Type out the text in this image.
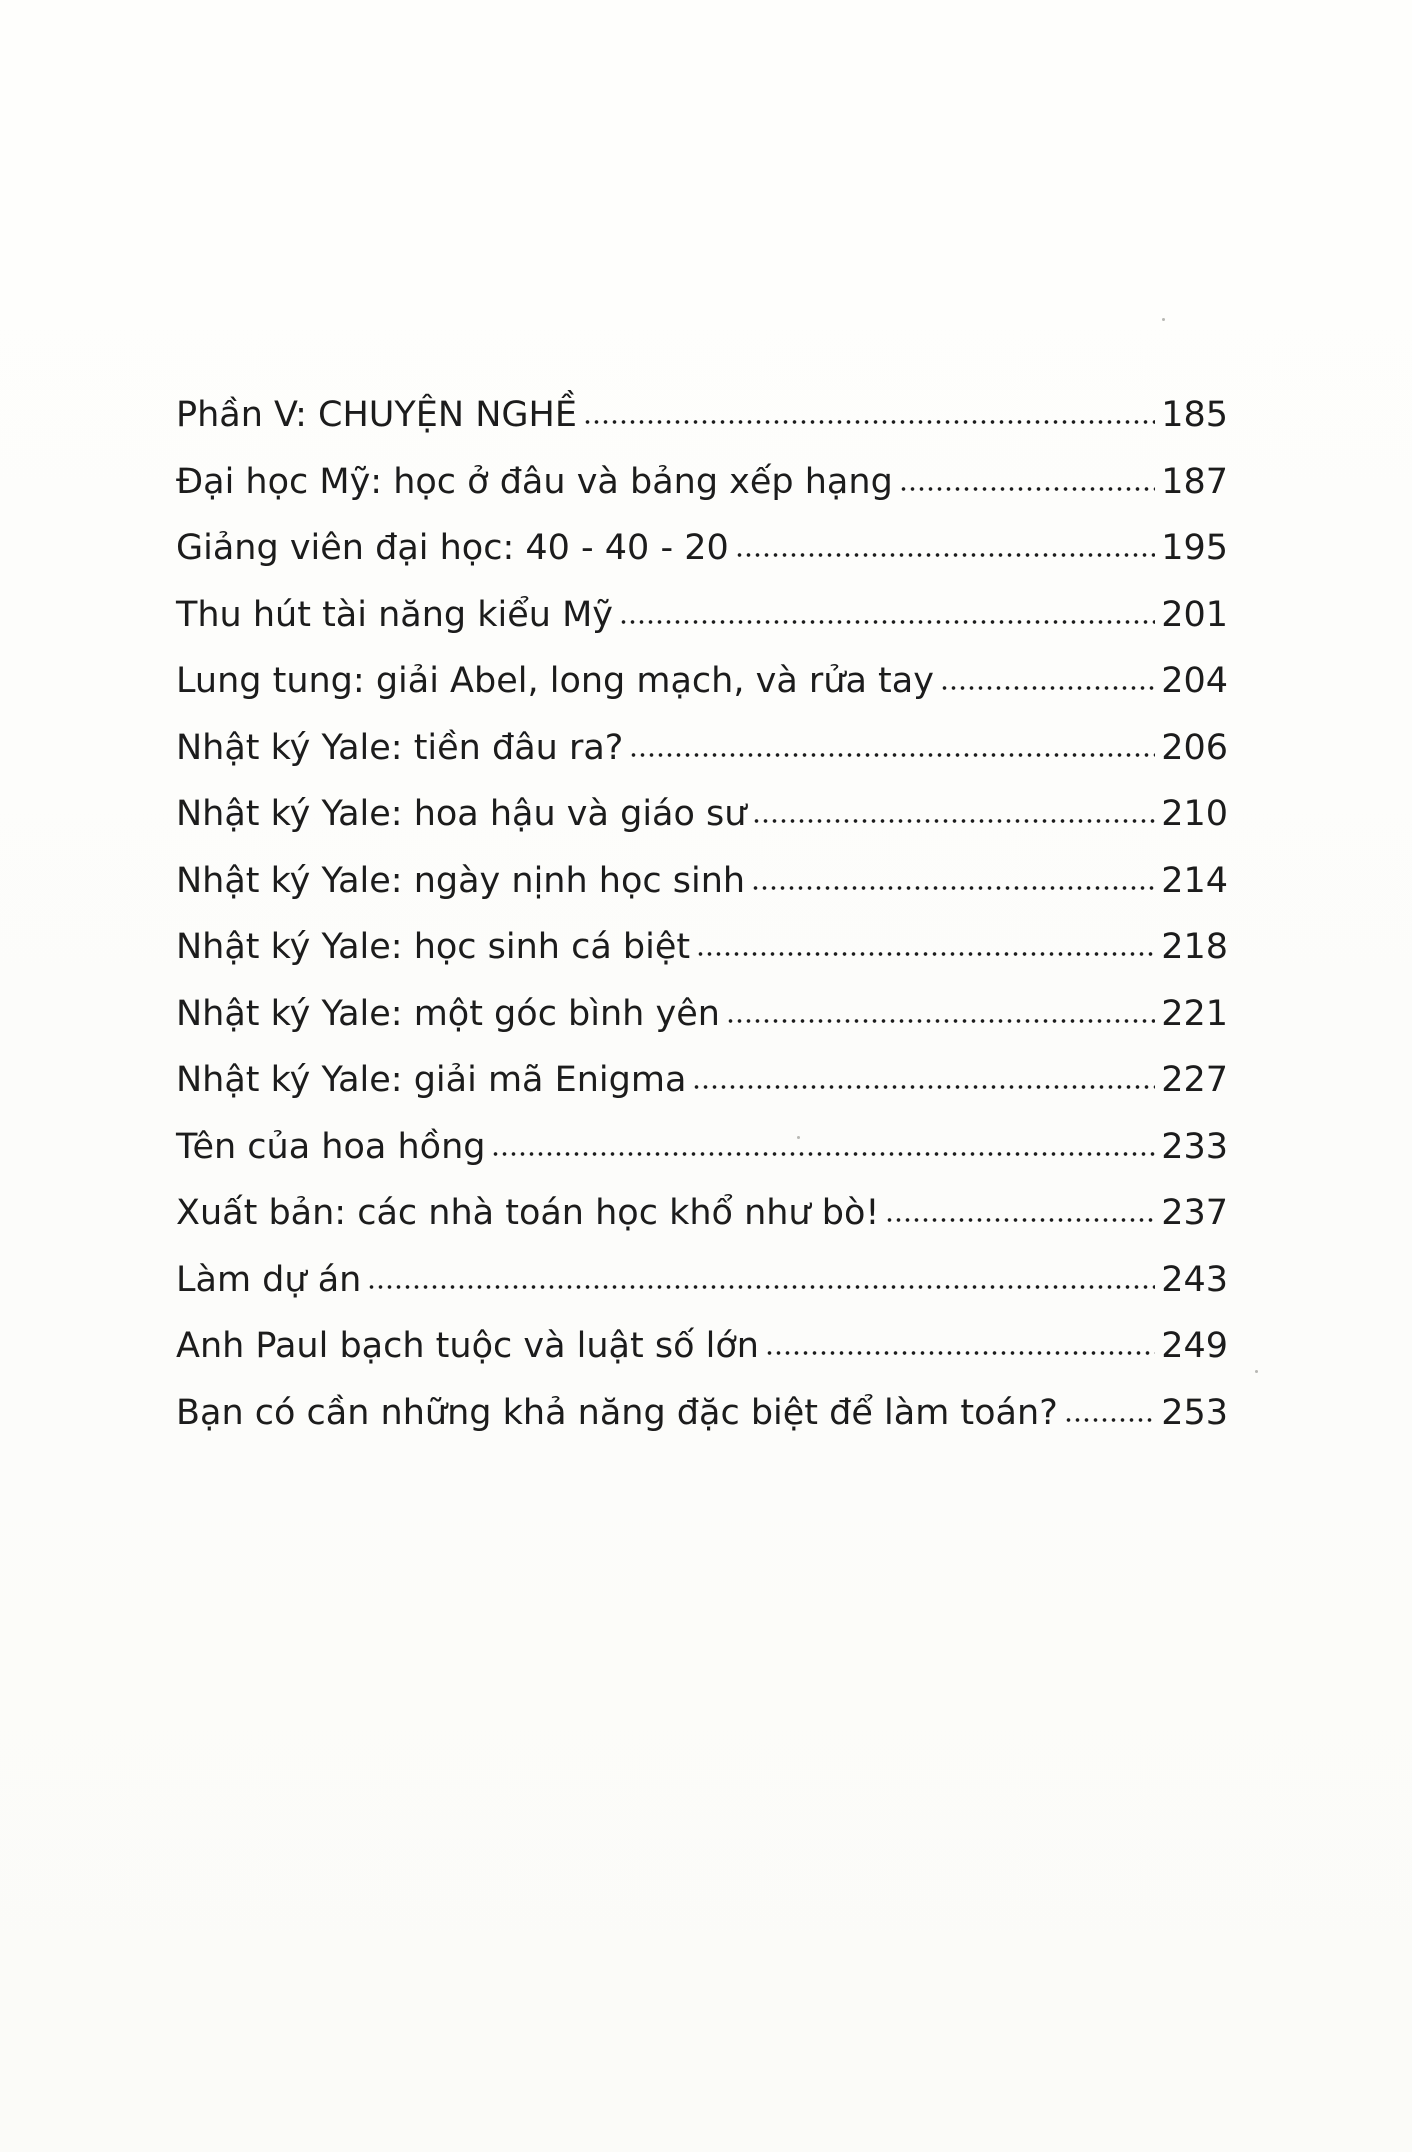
Phần V: CHUYỆN NGHỀ	185
Đại học Mỹ: học ở đâu và bảng xếp hạng	187
Giảng viên đại học: 40 - 40 - 20	195
Thu hút tài năng kiểu Mỹ	201
Lung tung: giải Abel, long mạch, và rửa tay	204
Nhật ký Yale: tiền đâu ra?	206
Nhật ký Yale: hoa hậu và giáo sư	210
Nhật ký Yale: ngày nịnh học sinh	214
Nhật ký Yale: học sinh cá biệt	218
Nhật ký Yale: một góc bình yên	221
Nhật ký Yale: giải mã Enigma	227
Tên của hoa hồng	233
Xuất bản: các nhà toán học khổ như bò!	237
Làm dự án	243
Anh Paul bạch tuộc và luật số lớn	249
Bạn có cần những khả năng đặc biệt để làm toán?	253
